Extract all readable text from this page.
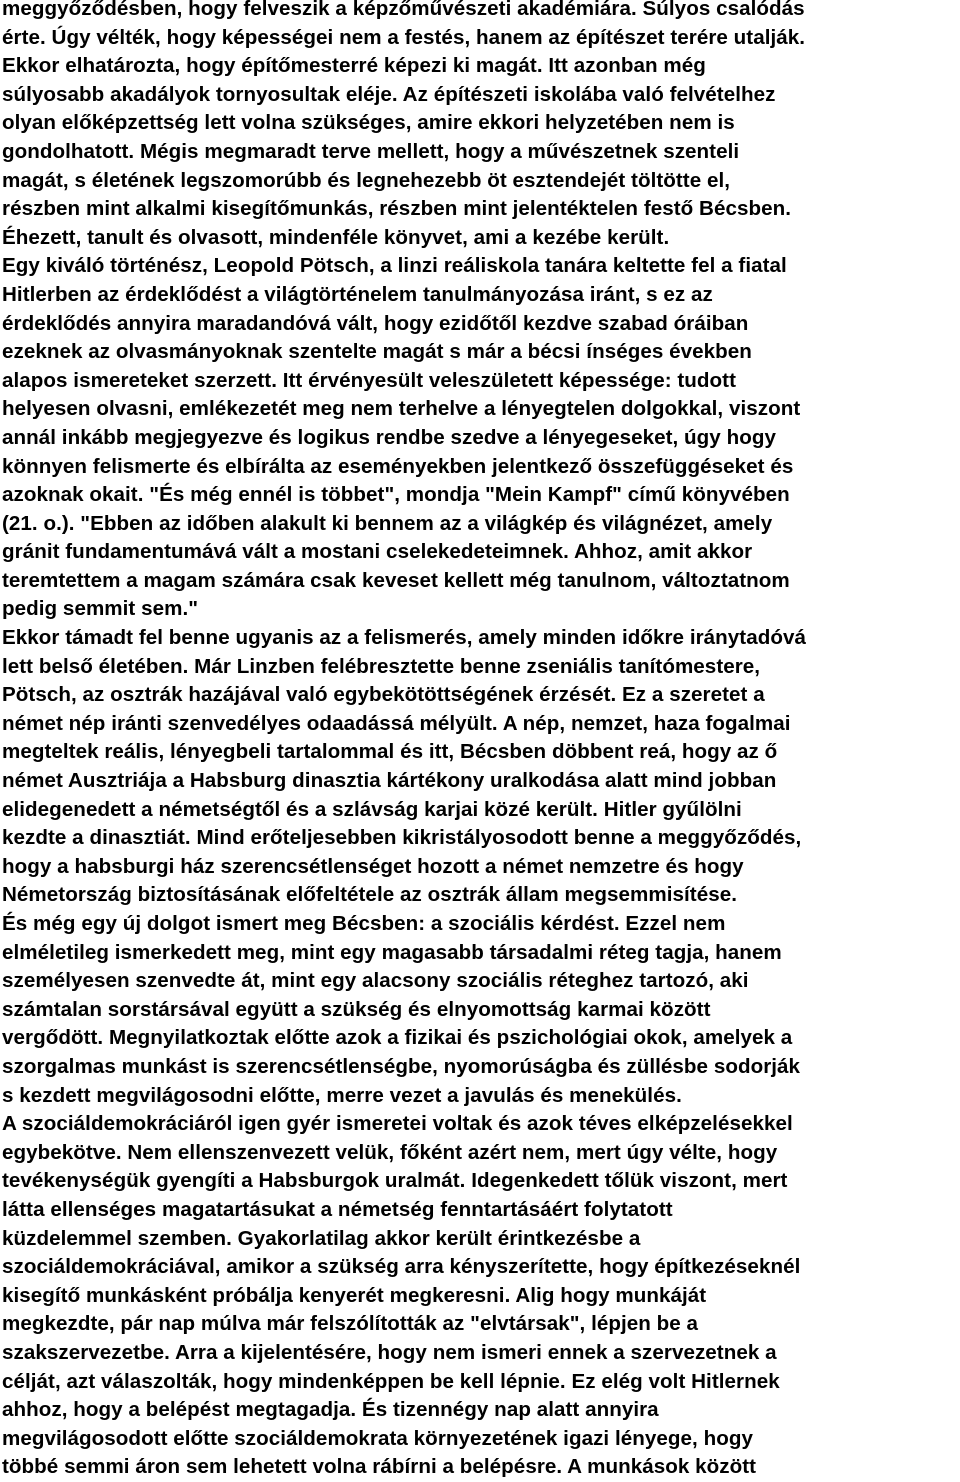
meggyőződésben, hogy felveszik a képzőművészeti akadémiára. Súlyos csalódás
érte. Úgy vélték, hogy képességei nem a festés, hanem az építészet terére utalják.
Ekkor elhatározta, hogy építőmesterré képezi ki magát. Itt azonban még
súlyosabb akadályok tornyosultak eléje. Az építészeti iskolába való felvételhez
olyan előképzettség lett volna szükséges, amire ekkori helyzetében nem is
gondolhatott. Mégis megmaradt terve mellett, hogy a művészetnek szenteli
magát, s életének legszomorúbb és legnehezebb öt esztendejét töltötte el,
részben mint alkalmi kisegítőmunkás, részben mint jelentéktelen festő Bécsben.
Éhezett, tanult és olvasott, mindenféle könyvet, ami a kezébe került.
Egy kiváló történész, Leopold Pötsch, a linzi reáliskola tanára keltette fel a fiatal
Hitlerben az érdeklődést a világtörténelem tanulmányozása iránt, s ez az
érdeklődés annyira maradandóvá vált, hogy ezidőtől kezdve szabad óráiban
ezeknek az olvasmányoknak szentelte magát s már a bécsi ínséges években
alapos ismereteket szerzett. Itt érvényesült veleszületett képessége: tudott
helyesen olvasni, emlékezetét meg nem terhelve a lényegtelen dolgokkal, viszont
annál inkább megjegyezve és logikus rendbe szedve a lényegeseket, úgy hogy
könnyen felismerte és elbírálta az eseményekben jelentkező összefüggéseket és
azoknak okait. "És még ennél is többet", mondja "Mein Kampf" című könyvében
(21. o.). "Ebben az időben alakult ki bennem az a világkép és világnézet, amely
gránit fundamentumává vált a mostani cselekedeteimnek. Ahhoz, amit akkor
teremtettem a magam számára csak keveset kellett még tanulnom, változtatnom
pedig semmit sem."
Ekkor támadt fel benne ugyanis az a felismerés, amely minden időkre iránytadóvá
lett belső életében. Már Linzben felébresztette benne zseniális tanítómestere,
Pötsch, az osztrák hazájával való egybekötöttségének érzését. Ez a szeretet a
német nép iránti szenvedélyes odaadássá mélyült. A nép, nemzet, haza fogalmai
megteltek reális, lényegbeli tartalommal és itt, Bécsben döbbent reá, hogy az ő
német Ausztriája a Habsburg dinasztia kártékony uralkodása alatt mind jobban
elidegenedett a németségtől és a szlávság karjai közé került. Hitler gyűlölni
kezdte a dinasztiát. Mind erőteljesebben kikristályosodott benne a meggyőződés,
hogy a habsburgi ház szerencsétlenséget hozott a német nemzetre és hogy
Németország biztosításának előfeltétele az osztrák állam megsemmisítése.
És még egy új dolgot ismert meg Bécsben: a szociális kérdést. Ezzel nem
elméletileg ismerkedett meg, mint egy magasabb társadalmi réteg tagja, hanem
személyesen szenvedte át, mint egy alacsony szociális réteghez tartozó, aki
számtalan sorstársával együtt a szükség és elnyomottság karmai között
vergődött. Megnyilatkoztak előtte azok a fizikai és pszichológiai okok, amelyek a
szorgalmas munkást is szerencsétlenségbe, nyomorúságba és züllésbe sodorják
s kezdett megvilágosodni előtte, merre vezet a javulás és menekülés.
A szociáldemokráciáról igen gyér ismeretei voltak és azok téves elképzelésekkel
egybekötve. Nem ellenszenvezett velük, főként azért nem, mert úgy vélte, hogy
tevékenységük gyengíti a Habsburgok uralmát. Idegenkedett tőlük viszont, mert
látta ellenséges magatartásukat a németség fenntartásáért folytatott
küzdelemmel szemben. Gyakorlatilag akkor került érintkezésbe a
szociáldemokráciával, amikor a szükség arra kényszerítette, hogy építkezéseknél
kisegítő munkásként próbálja kenyerét megkeresni. Alig hogy munkáját
megkezdte, pár nap múlva már felszólították az "elvtársak", lépjen be a
szakszervezetbe. Arra a kijelentésére, hogy nem ismeri ennek a szervezetnek a
célját, azt válaszolták, hogy mindenképpen be kell lépnie. Ez elég volt Hitlernek
ahhoz, hogy a belépést megtagadja. És tizennégy nap alatt annyira
megvilágosodott előtte szociáldemokrata környezetének igazi lényege, hogy
többé semmi áron sem lehetett volna rábírni a belépésre. A munkások között
